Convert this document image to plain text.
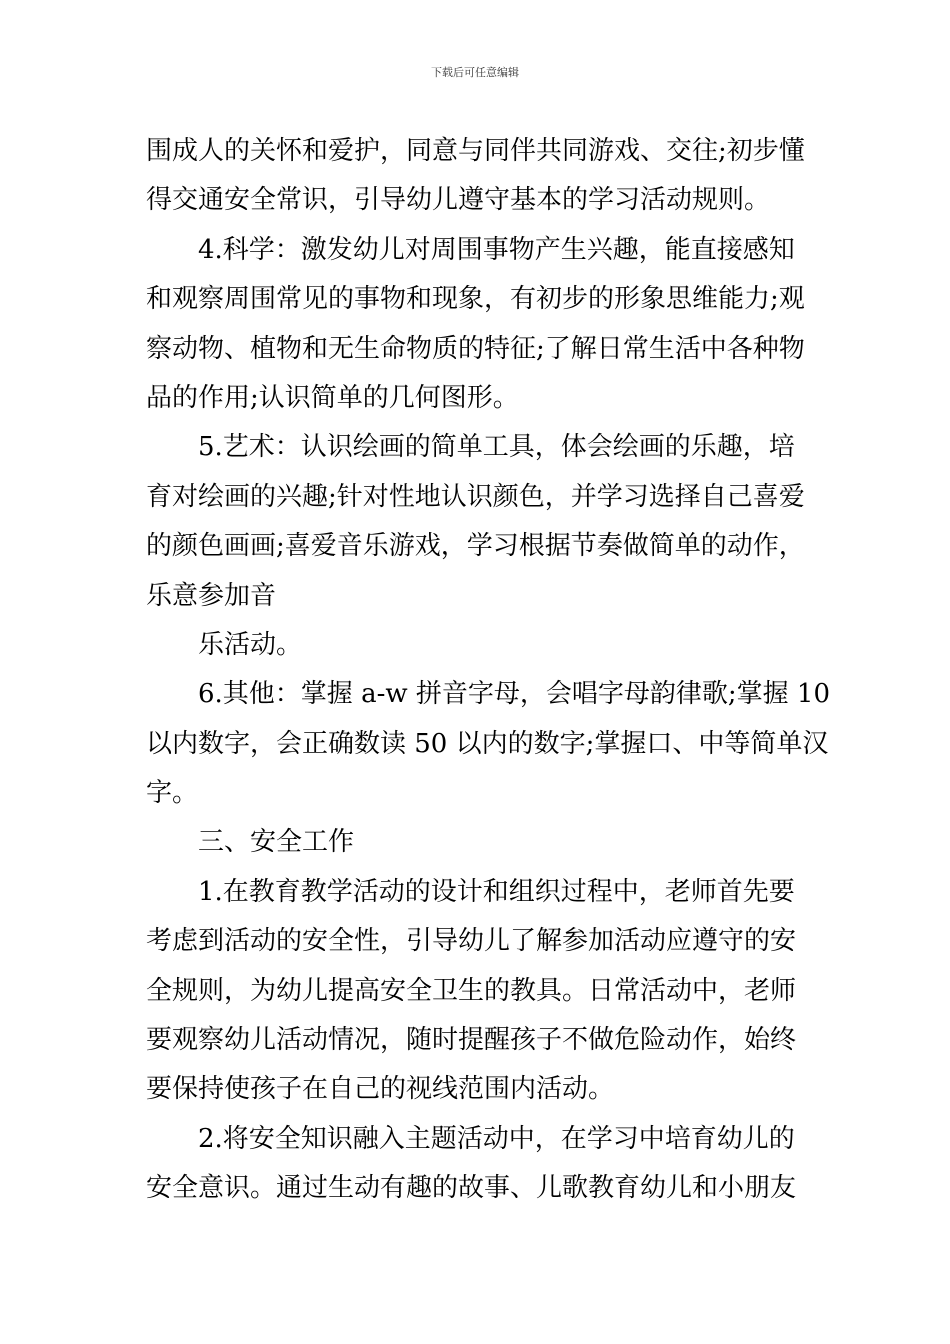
下载后可任意编辑
围成人的关怀和爱护，同意与同伴共同游戏、交往;初步懂
得交通安全常识，引导幼儿遵守基本的学习活动规则。
4.科学：激发幼儿对周围事物产生兴趣，能直接感知
和观察周围常见的事物和现象，有初步的形象思维能力;观
察动物、植物和无生命物质的特征;了解日常生活中各种物
品的作用;认识简单的几何图形。
5.艺术：认识绘画的简单工具，体会绘画的乐趣，培
育对绘画的兴趣;针对性地认识颜色，并学习选择自己喜爱
的颜色画画;喜爱音乐游戏，学习根据节奏做简单的动作，
乐意参加音
乐活动。
6.其他：掌握 a-w 拼音字母，会唱字母韵律歌;掌握 10
以内数字，会正确数读 50 以内的数字;掌握口、中等简单汉
字。
三、安全工作
1.在教育教学活动的设计和组织过程中，老师首先要
考虑到活动的安全性，引导幼儿了解参加活动应遵守的安
全规则，为幼儿提高安全卫生的教具。日常活动中，老师
要观察幼儿活动情况，随时提醒孩子不做危险动作，始终
要保持使孩子在自己的视线范围内活动。
2.将安全知识融入主题活动中，在学习中培育幼儿的
安全意识。通过生动有趣的故事、儿歌教育幼儿和小朋友
